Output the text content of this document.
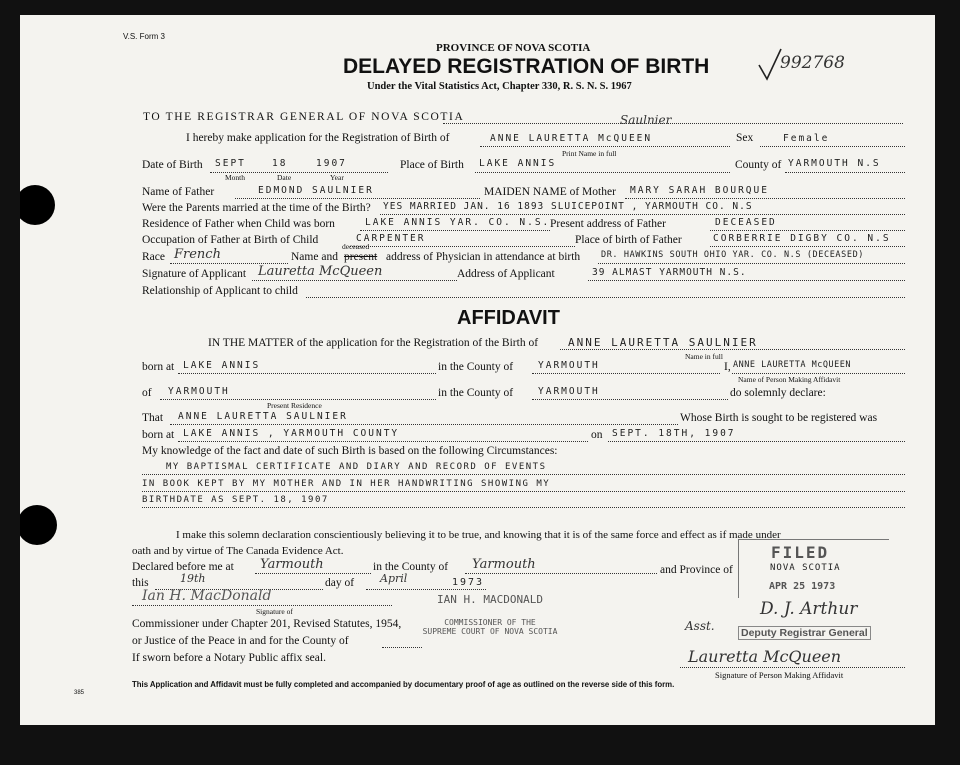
V.S. Form 3
992768
PROVINCE OF NOVA SCOTIA
DELAYED REGISTRATION OF BIRTH
Under the Vital Statistics Act, Chapter 330, R. S. N. S. 1967
TO THE REGISTRAR GENERAL OF NOVA SCOTIA
I hereby make application for the Registration of Birth of
Saulnier
ANNE LAURETTA McQUEEN	Sex	Female
Print Name in full
Date of Birth SEPT	18	1907
Month	Date	Year
Place of Birth LAKE ANNIS	County of YARMOUTH N.S
Name of Father	EDMOND SAULNIER	MAIDEN NAME of Mother MARY SARAH BOURQUE
Were the Parents married at the time of the Birth? YES MARRIED JAN. 16 1893 SLUICEPOINT , YARMOUTH CO. N.S
Residence of Father when Child was born	LAKE ANNIS YAR. CO. N.S. Present address of Father	DECEASED
Occupation of Father at Birth of Child	CARPENTER	Place of birth of Father	CORBERRIE DIGBY CO. N.S
Race French	Name and present
deceased
address of Physician in attendance at birth DR. HAWKINS SOUTH OHIO YAR. CO. N.S (DECEASED)
Signature of Applicant Lauretta McQueen	Address of Applicant	39 ALMAST YARMOUTH N.S.
Relationship of Applicant to child
AFFIDAVIT
IN THE MATTER of the application for the Registration of the Birth of	ANNE LAURETTA SAULNIER
Name in full
born at LAKE ANNIS	in the County of	YARMOUTH	I, ANNE LAURETTA McQUEEN
Name of Person Making Affidavit
of YARMOUTH
Present Residence
in the County of	YARMOUTH	do solemnly declare:
That ANNE LAURETTA SAULNIER	Whose Birth is sought to be registered was
born at LAKE ANNIS , YARMOUTH COUNTY	on SEPT. 18TH, 1907
My knowledge of the fact and date of such Birth is based on the following Circumstances:
MY BAPTISMAL CERTIFICATE AND DIARY AND RECORD OF EVENTS
IN BOOK KEPT BY MY MOTHER AND IN HER HANDWRITING SHOWING MY
BIRTHDATE AS SEPT. 18, 1907
I make this solemn declaration conscientiously believing it to be true, and knowing that it is of the same force and effect as if made under
oath and by virtue of The Canada Evidence Act.
Declared before me at Yarmouth	in the County of Yarmouth	and Province of	NOVA SCOTIA
this	19th	day of April	1973
Ian H. MacDonald
Signature of
Commissioner under Chapter 201, Revised Statutes, 1954,
or Justice of the Peace in and for the County of
If sworn before a Notary Public affix seal.
IAN H. MACDONALD
COMMISSIONER OF THE
SUPREME COURT OF NOVA SCOTIA
FILED
APR 25 1973
D. J. Arthur
Asst.	Deputy Registrar General
Lauretta McQueen
Signature of Person Making Affidavit
This Application and Affidavit must be fully completed and accompanied by documentary proof of age as outlined on the reverse side of this form.
385
